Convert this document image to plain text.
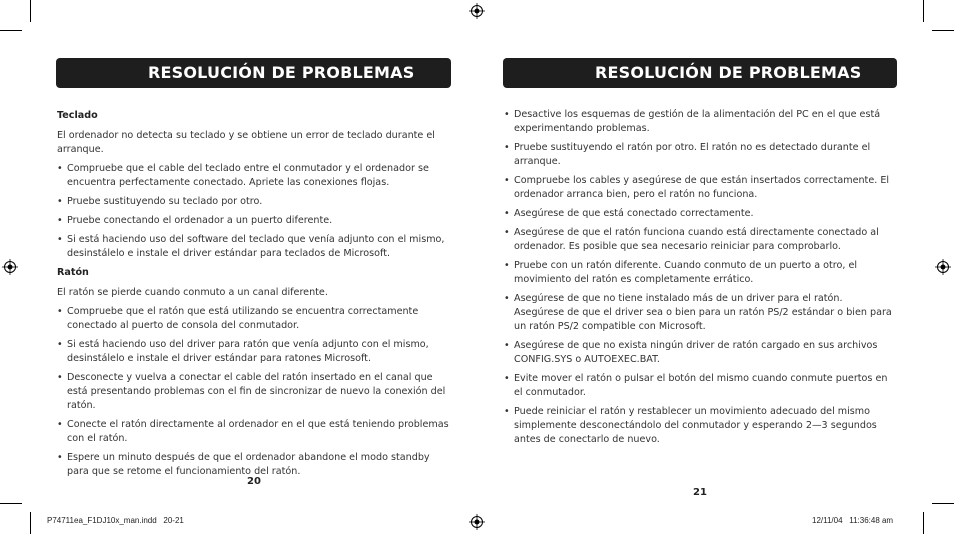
RESOLUCIÓN DE PROBLEMAS	RESOLUCIÓN DE PROBLEMAS

Teclado

El ordenador no detecta su teclado y se obtiene un error de teclado durante el arranque.

• Compruebe que el cable del teclado entre el conmutador y el ordenador se encuentra perfectamente conectado. Apriete las conexiones flojas.

• Pruebe sustituyendo su teclado por otro.

• Pruebe conectando el ordenador a un puerto diferente.

• Si está haciendo uso del software del teclado que venía adjunto con el mismo, desinstálelo e instale el driver estándar para teclados de Microsoft.

Ratón

El ratón se pierde cuando conmuto a un canal diferente.

• Compruebe que el ratón que está utilizando se encuentra correctamente conectado al puerto de consola del conmutador.

• Si está haciendo uso del driver para ratón que venía adjunto con el mismo, desinstálelo e instale el driver estándar para ratones Microsoft.

• Desconecte y vuelva a conectar el cable del ratón insertado en el canal que está presentando problemas con el fin de sincronizar de nuevo la conexión del ratón.

• Conecte el ratón directamente al ordenador en el que está teniendo problemas con el ratón.

• Espere un minuto después de que el ordenador abandone el modo standby para que se retome el funcionamiento del ratón.

• Desactive los esquemas de gestión de la alimentación del PC en el que está experimentando problemas.

• Pruebe sustituyendo el ratón por otro. El ratón no es detectado durante el arranque.

• Compruebe los cables y asegúrese de que están insertados correctamente. El ordenador arranca bien, pero el ratón no funciona.

• Asegúrese de que está conectado correctamente.

• Asegúrese de que el ratón funciona cuando está directamente conectado al ordenador. Es posible que sea necesario reiniciar para comprobarlo.

• Pruebe con un ratón diferente. Cuando conmuto de un puerto a otro, el movimiento del ratón es completamente errático.

• Asegúrese de que no tiene instalado más de un driver para el ratón. Asegúrese de que el driver sea o bien para un ratón PS/2 estándar o bien para un ratón PS/2 compatible con Microsoft.

• Asegúrese de que no exista ningún driver de ratón cargado en sus archivos CONFIG.SYS o AUTOEXEC.BAT.

• Evite mover el ratón o pulsar el botón del mismo cuando conmute puertos en el conmutador.

• Puede reiniciar el ratón y restablecer un movimiento adecuado del mismo simplemente desconectándolo del conmutador y esperando 2—3 segundos antes de conectarlo de nuevo.

20
21
P74711ea_F1DJ10x_man.indd   20-21	12/11/04   11:36:48 am
